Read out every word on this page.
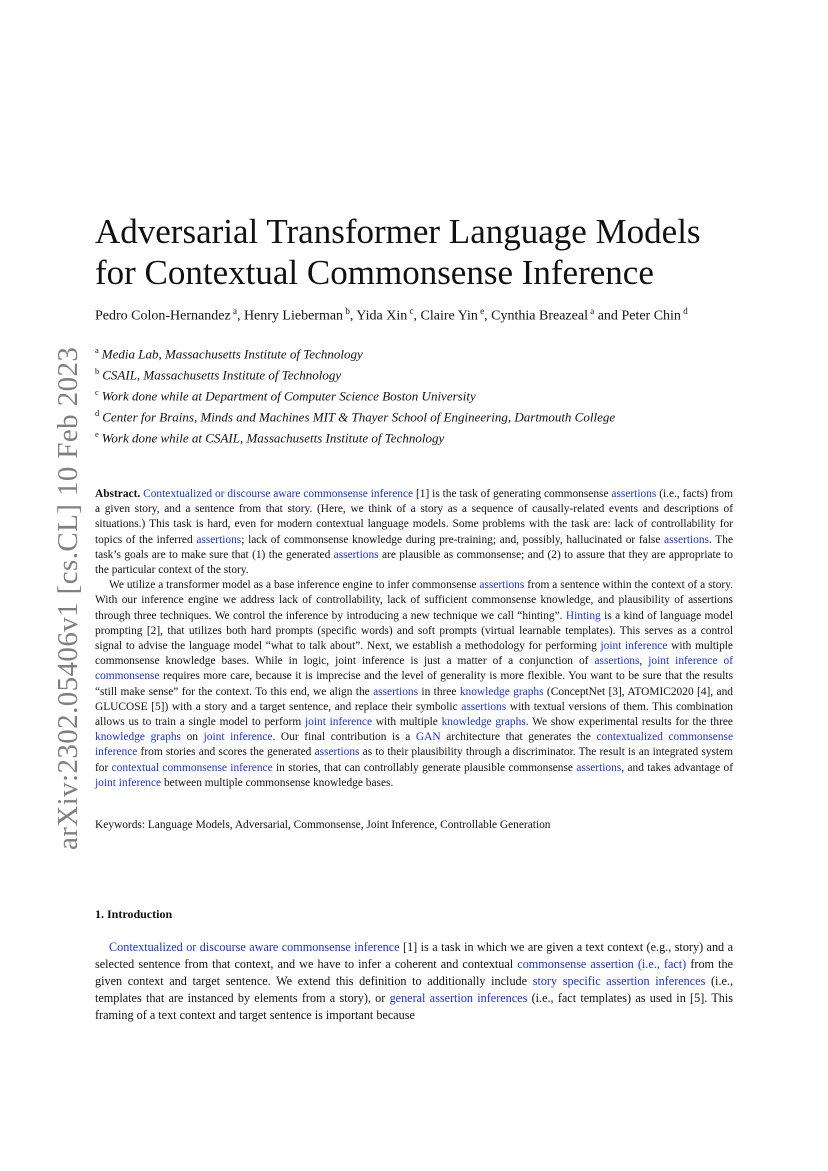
arXiv:2302.05406v1 [cs.CL] 10 Feb 2023
Adversarial Transformer Language Models
for Contextual Commonsense Inference
Pedro Colon-Hernandez $^a$, Henry Lieberman $^b$, Yida Xin $^c$, Claire Yin $^e$, Cynthia Breazeal $^a$ and Peter Chin $^d$
$^a$ Media Lab, Massachusetts Institute of Technology
$^b$ CSAIL, Massachusetts Institute of Technology
$^c$ Work done while at Department of Computer Science Boston University
$^d$ Center for Brains, Minds and Machines MIT & Thayer School of Engineering, Dartmouth College
$^e$ Work done while at CSAIL, Massachusetts Institute of Technology

Abstract. Contextualized or discourse aware commonsense inference [1] is the task of generating commonsense assertions (i.e., facts) from a given story, and a sentence from that story. (Here, we think of a story as a sequence of causally-related events and descriptions of situations.) This task is hard, even for modern contextual language models. Some problems with the task are: lack of controllability for topics of the inferred assertions; lack of commonsense knowledge during pre-training; and, possibly, hallucinated or false assertions. The task’s goals are to make sure that (1) the generated assertions are plausible as commonsense; and (2) to assure that they are appropriate to the particular context of the story.

We utilize a transformer model as a base inference engine to infer commonsense assertions from a sentence within the context of a story. With our inference engine we address lack of controllability, lack of sufficient commonsense knowledge, and plausibility of assertions through three techniques. We control the inference by introducing a new technique we call “hinting”. Hinting is a kind of language model prompting [2], that utilizes both hard prompts (specific words) and soft prompts (virtual learnable templates). This serves as a control signal to advise the language model “what to talk about”. Next, we establish a methodology for performing joint inference with multiple commonsense knowledge bases. While in logic, joint inference is just a matter of a conjunction of assertions, joint inference of commonsense requires more care, because it is imprecise and the level of generality is more flexible. You want to be sure that the results “still make sense” for the context. To this end, we align the assertions in three knowledge graphs (ConceptNet [3], ATOMIC2020 [4], and GLUCOSE [5]) with a story and a target sentence, and replace their symbolic assertions with textual versions of them. This combination allows us to train a single model to perform joint inference with multiple knowledge graphs. We show experimental results for the three knowledge graphs on joint inference. Our final contribution is a GAN architecture that generates the contextualized commonsense inference from stories and scores the generated assertions as to their plausibility through a discriminator. The result is an integrated system for contextual commonsense inference in stories, that can controllably generate plausible commonsense assertions, and takes advantage of joint inference between multiple commonsense knowledge bases.

Keywords: Language Models, Adversarial, Commonsense, Joint Inference, Controllable Generation
1. Introduction

Contextualized or discourse aware commonsense inference [1] is a task in which we are given a text context (e.g., story) and a selected sentence from that context, and we have to infer a coherent and contextual commonsense assertion (i.e., fact) from the given context and target sentence. We extend this definition to additionally include story specific assertion inferences (i.e., templates that are instanced by elements from a story), or general assertion inferences (i.e., fact templates) as used in [5]. This framing of a text context and target sentence is important because
